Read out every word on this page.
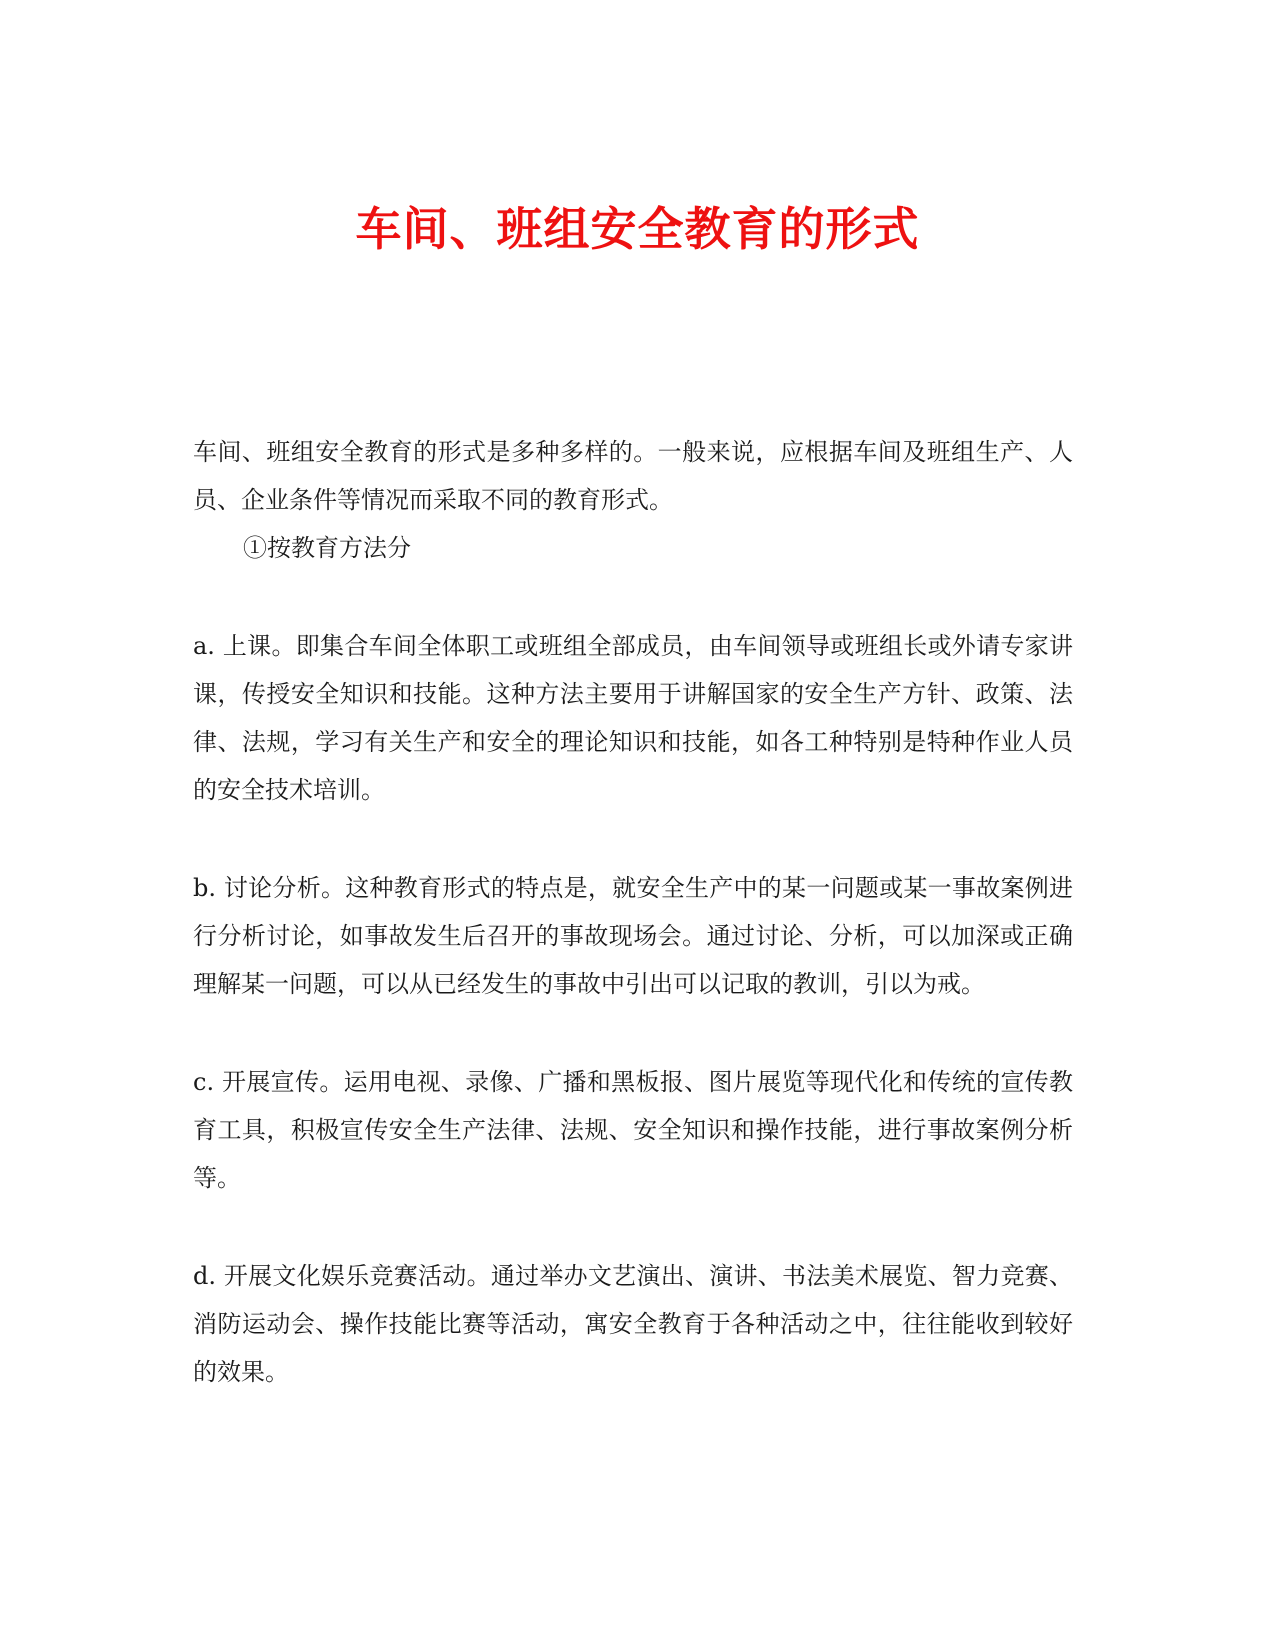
车间、班组安全教育的形式

车间、班组安全教育的形式是多种多样的。一般来说，应根据车间及班组生产、人员、企业条件等情况而采取不同的教育形式。

①按教育方法分

a. 上课。即集合车间全体职工或班组全部成员，由车间领导或班组长或外请专家讲课，传授安全知识和技能。这种方法主要用于讲解国家的安全生产方针、政策、法律、法规，学习有关生产和安全的理论知识和技能，如各工种特别是特种作业人员的安全技术培训。

b. 讨论分析。这种教育形式的特点是，就安全生产中的某一问题或某一事故案例进行分析讨论，如事故发生后召开的事故现场会。通过讨论、分析，可以加深或正确理解某一问题，可以从已经发生的事故中引出可以记取的教训，引以为戒。

c. 开展宣传。运用电视、录像、广播和黑板报、图片展览等现代化和传统的宣传教育工具，积极宣传安全生产法律、法规、安全知识和操作技能，进行事故案例分析等。

d. 开展文化娱乐竞赛活动。通过举办文艺演出、演讲、书法美术展览、智力竞赛、消防运动会、操作技能比赛等活动，寓安全教育于各种活动之中，往往能收到较好的效果。
